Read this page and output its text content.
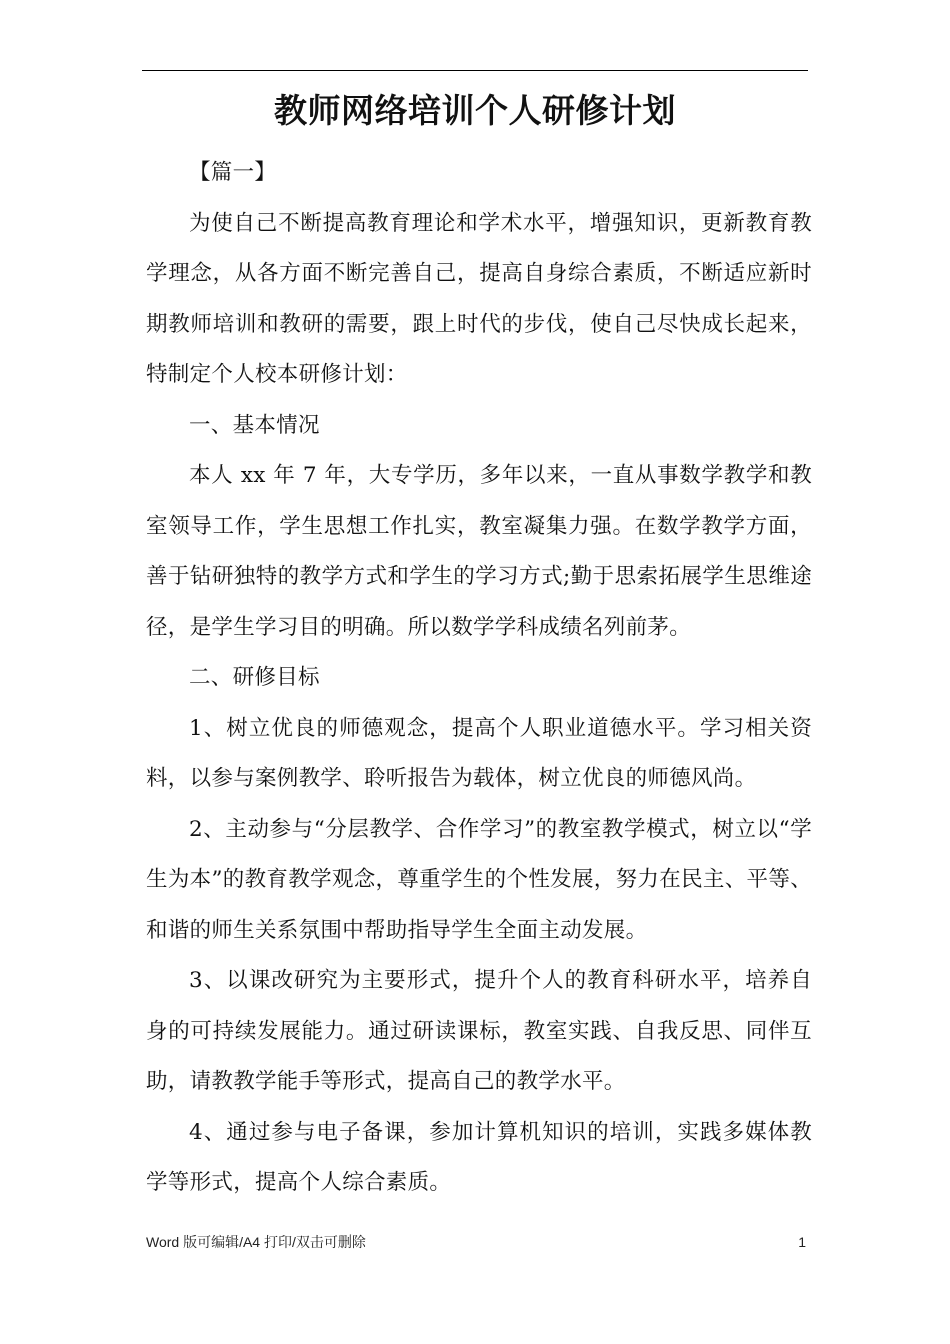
教师网络培训个人研修计划

【篇一】

为使自己不断提高教育理论和学术水平，增强知识，更新教育教学理念，从各方面不断完善自己，提高自身综合素质，不断适应新时期教师培训和教研的需要，跟上时代的步伐，使自己尽快成长起来，特制定个人校本研修计划：

一、基本情况

本人 xx 年 7 年，大专学历，多年以来，一直从事数学教学和教室领导工作，学生思想工作扎实，教室凝集力强。在数学教学方面，善于钻研独特的教学方式和学生的学习方式;勤于思索拓展学生思维途径，是学生学习目的明确。所以数学学科成绩名列前茅。

二、研修目标

1、树立优良的师德观念，提高个人职业道德水平。学习相关资料，以参与案例教学、聆听报告为载体，树立优良的师德风尚。

2、主动参与“分层教学、合作学习”的教室教学模式，树立以“学生为本”的教育教学观念，尊重学生的个性发展，努力在民主、平等、和谐的师生关系氛围中帮助指导学生全面主动发展。

3、以课改研究为主要形式，提升个人的教育科研水平，培养自身的可持续发展能力。通过研读课标，教室实践、自我反思、同伴互助，请教教学能手等形式，提高自己的教学水平。

4、通过参与电子备课，参加计算机知识的培训，实践多媒体教学等形式，提高个人综合素质。

Word 版可编辑/A4 打印/双击可删除	1
